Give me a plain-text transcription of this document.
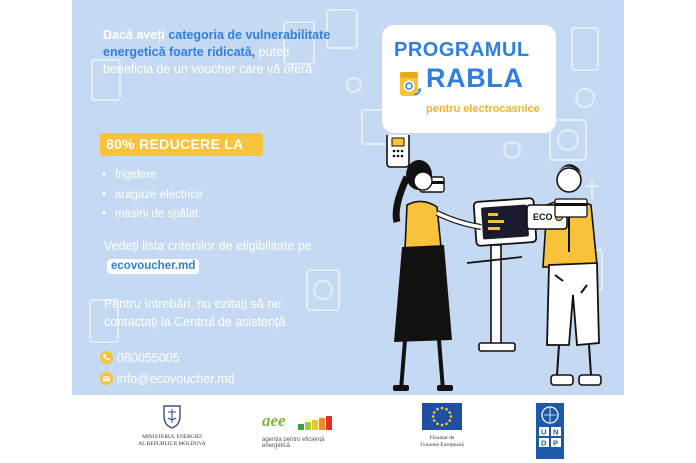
Dacă aveți categoria de vulnerabilitate energetică foarte ridicată, puteți beneficia de un voucher care vă oferă

80% REDUCERE LA
• frigidere
• aragaze electrice
• mașini de spălat
Vedeți lista criteriilor de eligibilitate pe ecovoucher.md
Pentru întrebări, nu ezitați să ne contactați la Centrul de asistență
080055005
info@ecovoucher.md
PROGRAMUL
RABLA
pentru electrocasnice
ECO
MINISTERUL ENERGIEI
AL REPUBLICII MOLDOVA
aee
agenția pentru eficiență energetică
Finanțat de
Uniunea Europeană
U N
D P
